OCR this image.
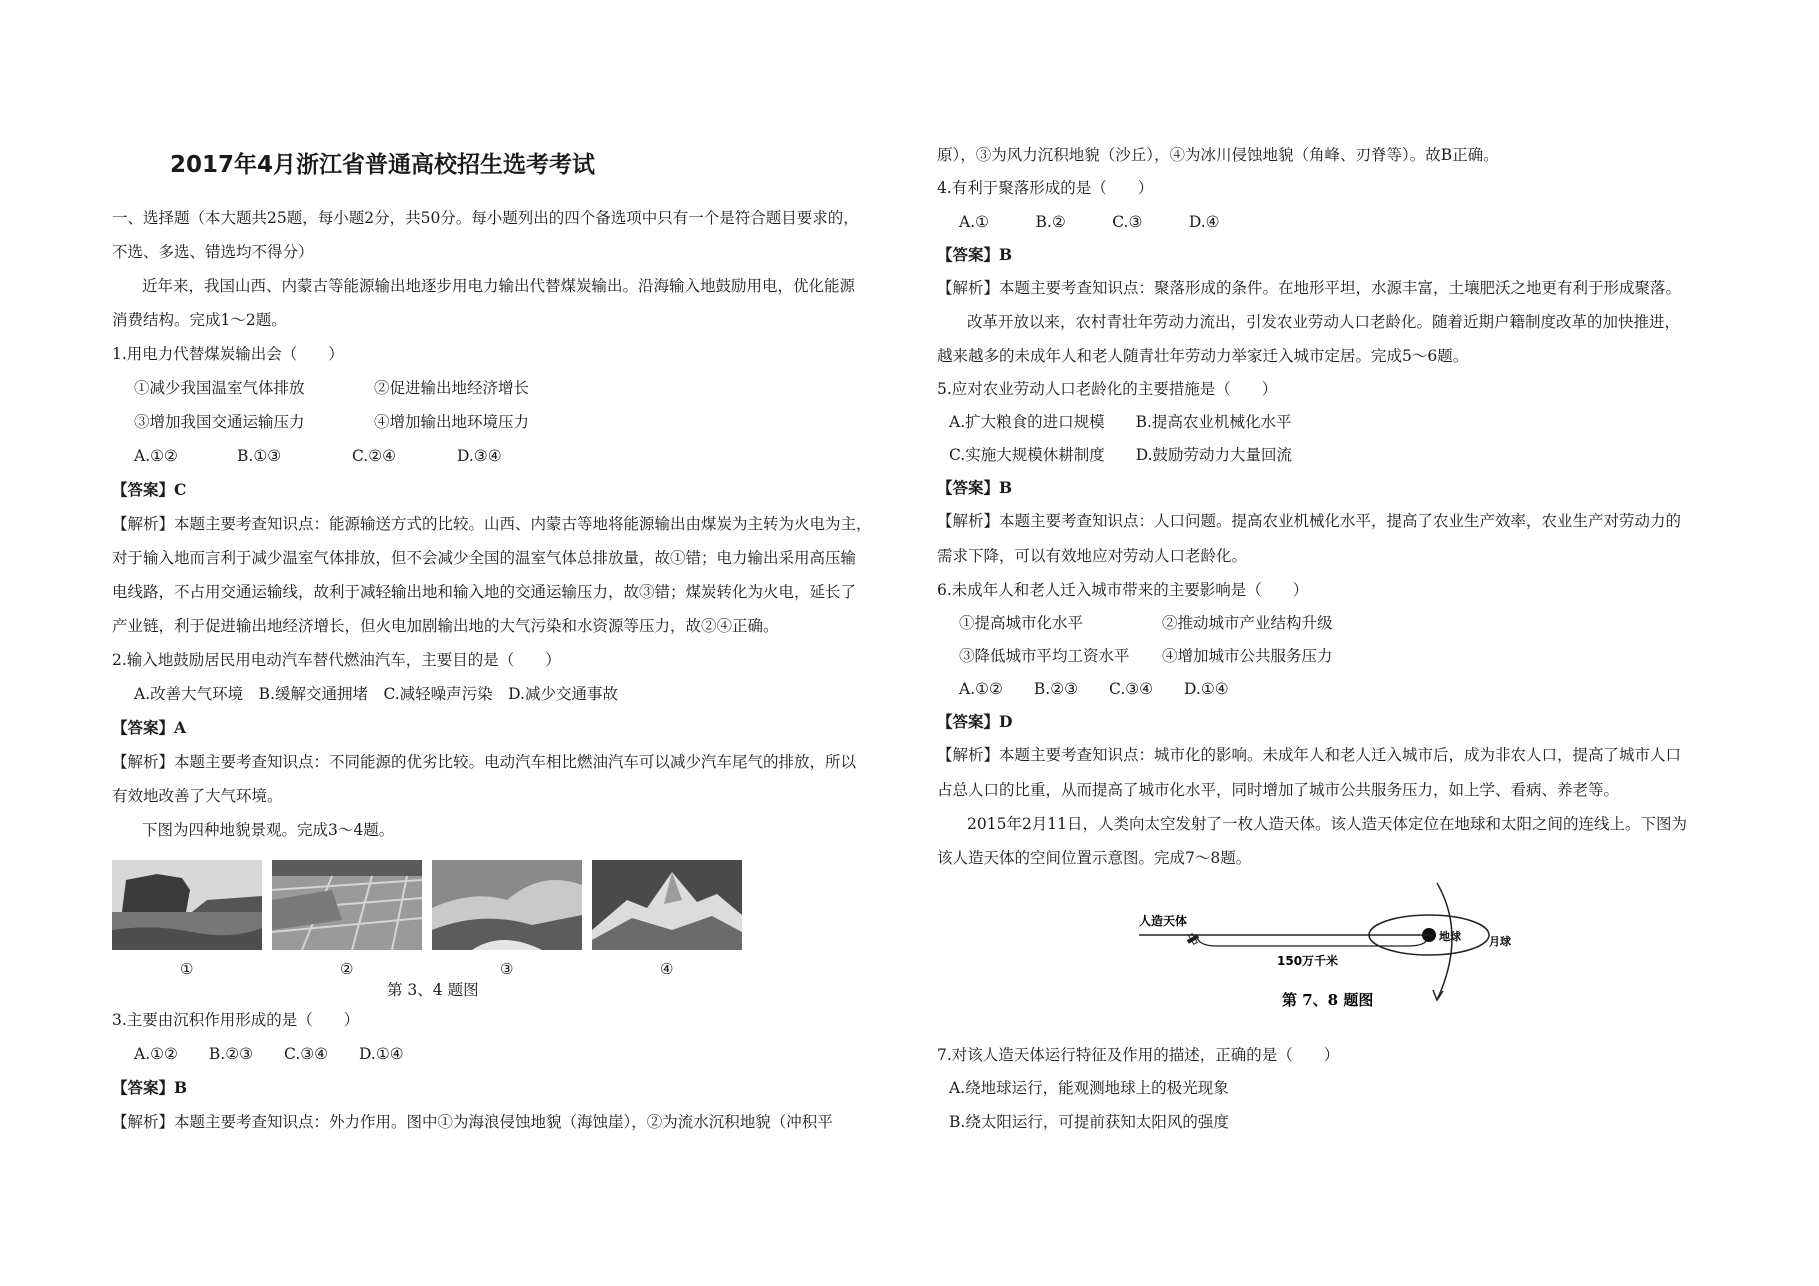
2017年4月浙江省普通高校招生选考考试
一、选择题（本大题共25题，每小题2分，共50分。每小题列出的四个备选项中只有一个是符合题目要求的，
不选、多选、错选均不得分）
近年来，我国山西、内蒙古等能源输出地逐步用电力输出代替煤炭输出。沿海输入地鼓励用电，优化能源
消费结构。完成1～2题。
1.用电力代替煤炭输出会（　　）
①减少我国温室气体排放	②促进输出地经济增长
③增加我国交通运输压力	④增加输出地环境压力
A.①②	B.①③	C.②④	D.③④
【答案】C
【解析】本题主要考查知识点：能源输送方式的比较。山西、内蒙古等地将能源输出由煤炭为主转为火电为主，
对于输入地而言利于减少温室气体排放，但不会减少全国的温室气体总排放量，故①错；电力输出采用高压输
电线路，不占用交通运输线，故利于减轻输出地和输入地的交通运输压力，故③错；煤炭转化为火电，延长了
产业链，利于促进输出地经济增长，但火电加剧输出地的大气污染和水资源等压力，故②④正确。
2.输入地鼓励居民用电动汽车替代燃油汽车，主要目的是（　　）
A.改善大气环境　B.缓解交通拥堵　C.减轻噪声污染　D.减少交通事故
【答案】A
【解析】本题主要考查知识点：不同能源的优劣比较。电动汽车相比燃油汽车可以减少汽车尾气的排放，所以
有效地改善了大气环境。
下图为四种地貌景观。完成3～4题。
①	②	③	④
第 3、4 题图
3.主要由沉积作用形成的是（　　）
A.①②　　B.②③　　C.③④　　D.①④
【答案】B
【解析】本题主要考查知识点：外力作用。图中①为海浪侵蚀地貌（海蚀崖），②为流水沉积地貌（冲积平
原），③为风力沉积地貌（沙丘），④为冰川侵蚀地貌（角峰、刃脊等）。故B正确。
4.有利于聚落形成的是（　　）
A.①　　　B.②　　　C.③　　　D.④
【答案】B
【解析】本题主要考查知识点：聚落形成的条件。在地形平坦，水源丰富，土壤肥沃之地更有利于形成聚落。
改革开放以来，农村青壮年劳动力流出，引发农业劳动人口老龄化。随着近期户籍制度改革的加快推进，
越来越多的未成年人和老人随青壮年劳动力举家迁入城市定居。完成5～6题。
5.应对农业劳动人口老龄化的主要措施是（　　）
A.扩大粮食的进口规模　　B.提高农业机械化水平
C.实施大规模休耕制度　　D.鼓励劳动力大量回流
【答案】B
【解析】本题主要考查知识点：人口问题。提高农业机械化水平，提高了农业生产效率，农业生产对劳动力的
需求下降，可以有效地应对劳动人口老龄化。
6.未成年人和老人迁入城市带来的主要影响是（　　）
①提高城市化水平	②推动城市产业结构升级
③降低城市平均工资水平 ④增加城市公共服务压力
A.①②　　B.②③　　C.③④　　D.①④
【答案】D
【解析】本题主要考查知识点：城市化的影响。未成年人和老人迁入城市后，成为非农人口，提高了城市人口
占总人口的比重，从而提高了城市化水平，同时增加了城市公共服务压力，如上学、看病、养老等。
2015年2月11日，人类向太空发射了一枚人造天体。该人造天体定位在地球和太阳之间的连线上。下图为
该人造天体的空间位置示意图。完成7～8题。
人造天体
地球	月球
150万千米
第 7、8 题图
7.对该人造天体运行特征及作用的描述，正确的是（　　）
A.绕地球运行，能观测地球上的极光现象
B.绕太阳运行，可提前获知太阳风的强度
